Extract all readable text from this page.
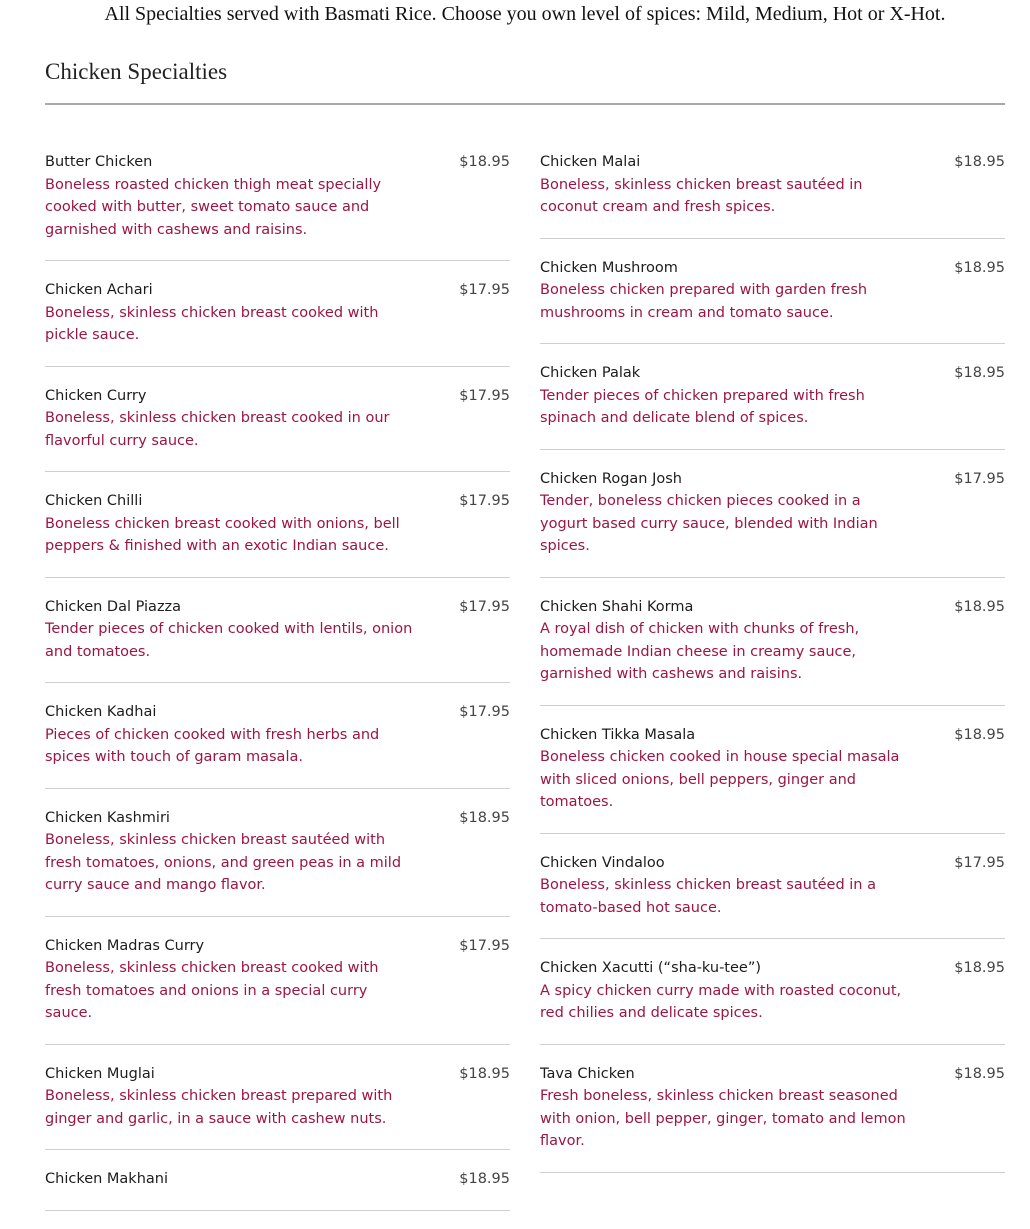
All Specialties served with Basmati Rice. Choose you own level of spices: Mild, Medium, Hot or X-Hot.

Chicken Specialties
Butter Chicken	$18.95

Boneless roasted chicken thigh meat specially cooked with butter, sweet tomato sauce and garnished with cashews and raisins.

Chicken Achari	$17.95

Boneless, skinless chicken breast cooked with pickle sauce.

Chicken Curry	$17.95

Boneless, skinless chicken breast cooked in our flavorful curry sauce.

Chicken Chilli	$17.95

Boneless chicken breast cooked with onions, bell peppers & finished with an exotic Indian sauce.

Chicken Dal Piazza	$17.95

Tender pieces of chicken cooked with lentils, onion and tomatoes.

Chicken Kadhai	$17.95

Pieces of chicken cooked with fresh herbs and spices with touch of garam masala.

Chicken Kashmiri	$18.95

Boneless, skinless chicken breast sautéed with fresh tomatoes, onions, and green peas in a mild curry sauce and mango flavor.

Chicken Madras Curry	$17.95

Boneless, skinless chicken breast cooked with fresh tomatoes and onions in a special curry sauce.

Chicken Muglai	$18.95

Boneless, skinless chicken breast prepared with ginger and garlic, in a sauce with cashew nuts.

Chicken Makhani	$18.95

Chicken Malai	$18.95

Boneless, skinless chicken breast sautéed in coconut cream and fresh spices.

Chicken Mushroom	$18.95

Boneless chicken prepared with garden fresh mushrooms in cream and tomato sauce.

Chicken Palak	$18.95

Tender pieces of chicken prepared with fresh spinach and delicate blend of spices.

Chicken Rogan Josh	$17.95

Tender, boneless chicken pieces cooked in a yogurt based curry sauce, blended with Indian spices.

Chicken Shahi Korma	$18.95

A royal dish of chicken with chunks of fresh, homemade Indian cheese in creamy sauce, garnished with cashews and raisins.

Chicken Tikka Masala	$18.95

Boneless chicken cooked in house special masala with sliced onions, bell peppers, ginger and tomatoes.

Chicken Vindaloo	$17.95

Boneless, skinless chicken breast sautéed in a tomato-based hot sauce.

Chicken Xacutti (“sha-ku-tee”)	$18.95

A spicy chicken curry made with roasted coconut, red chilies and delicate spices.

Tava Chicken	$18.95

Fresh boneless, skinless chicken breast seasoned with onion, bell pepper, ginger, tomato and lemon flavor.
